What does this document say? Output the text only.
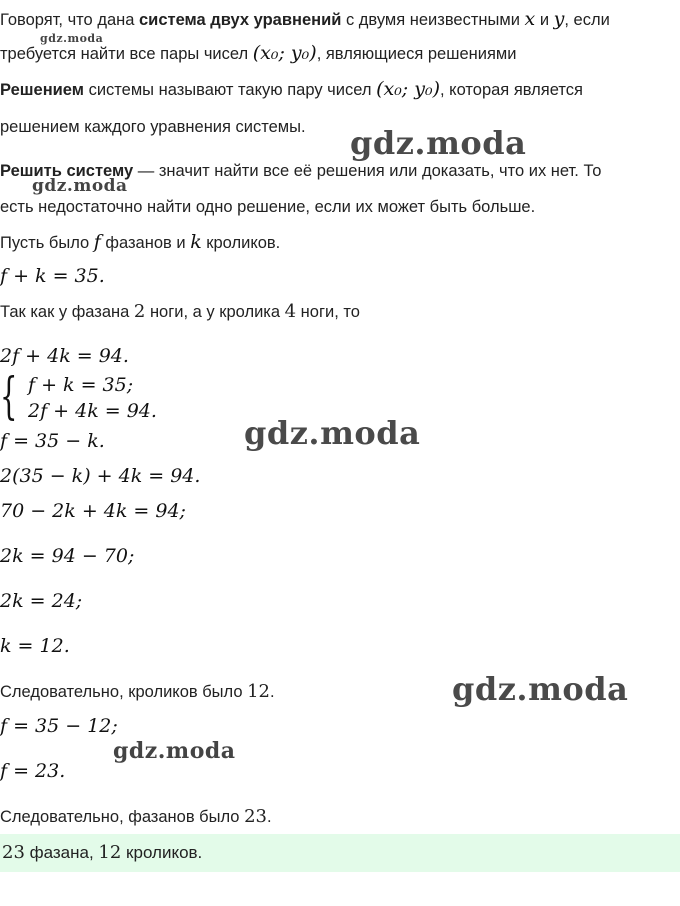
Говорят, что дана система двух уравнений с двумя неизвестными x и y, если
требуется найти все пары чисел (x₀; y₀), являющиеся решениями
Решением системы называют такую пару чисел (x₀; y₀), которая является
решением каждого уравнения системы.
Решить систему — значит найти все её решения или доказать, что их нет. То
есть недостаточно найти одно решение, если их может быть больше.
Пусть было f фазанов и k кроликов.
f + k = 35.
Так как у фазана 2 ноги, а у кролика 4 ноги, то
2f + 4k = 94.
{ f + k = 35;
2f + 4k = 94.
f = 35 − k.
2(35 − k) + 4k = 94.
70 − 2k + 4k = 94;
2k = 94 − 70;
2k = 24;
k = 12.
Следовательно, кроликов было 12.
f = 35 − 12;
f = 23.
Следовательно, фазанов было 23.
23 фазана, 12 кроликов.
gdz.moda
gdz.moda
gdz.moda
gdz.moda
gdz.moda
gdz.moda
